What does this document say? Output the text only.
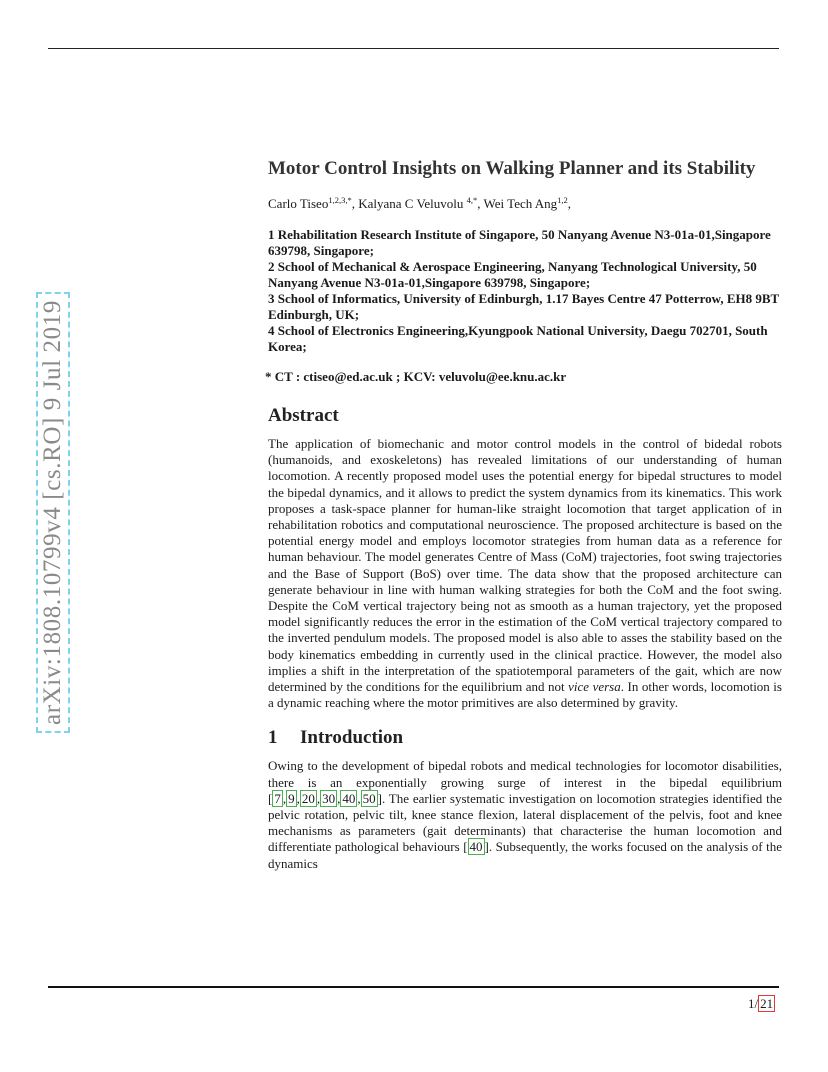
arXiv:1808.10799v4 [cs.RO] 9 Jul 2019
Motor Control Insights on Walking Planner and its Stability
Carlo Tiseo$^{1,2,3,*}$, Kalyana C Veluvolu $^{4,*}$, Wei Tech Ang$^{1,2}$,

1 Rehabilitation Research Institute of Singapore, 50 Nanyang Avenue N3-01a-01,Singapore 639798, Singapore;

2 School of Mechanical & Aerospace Engineering, Nanyang Technological University, 50 Nanyang Avenue N3-01a-01,Singapore 639798, Singapore;

3 School of Informatics, University of Edinburgh, 1.17 Bayes Centre 47 Potterrow, EH8 9BT Edinburgh, UK;

4 School of Electronics Engineering,Kyungpook National University, Daegu 702701, South Korea;

* CT : ctiseo@ed.ac.uk ; KCV: veluvolu@ee.knu.ac.kr
Abstract

The application of biomechanic and motor control models in the control of bidedal robots (humanoids, and exoskeletons) has revealed limitations of our understanding of human locomotion. A recently proposed model uses the potential energy for bipedal structures to model the bipedal dynamics, and it allows to predict the system dynamics from its kinematics. This work proposes a task-space planner for human-like straight locomotion that target application of in rehabilitation robotics and computational neuroscience. The proposed architecture is based on the potential energy model and employs locomotor strategies from human data as a reference for human behaviour. The model generates Centre of Mass (CoM) trajectories, foot swing trajectories and the Base of Support (BoS) over time. The data show that the proposed architecture can generate behaviour in line with human walking strategies for both the CoM and the foot swing. Despite the CoM vertical trajectory being not as smooth as a human trajectory, yet the proposed model significantly reduces the error in the estimation of the CoM vertical trajectory compared to the inverted pendulum models. The proposed model is also able to asses the stability based on the body kinematics embedding in currently used in the clinical practice. However, the model also implies a shift in the interpretation of the spatiotemporal parameters of the gait, which are now determined by the conditions for the equilibrium and not vice versa. In other words, locomotion is a dynamic reaching where the motor primitives are also determined by gravity.

1 Introduction

Owing to the development of bipedal robots and medical technologies for locomotor disabilities, there is an exponentially growing surge of interest in the bipedal equilibrium [ 7 , 9 , 20 , 30 , 40 , 50 ]. The earlier systematic investigation on locomotion strategies identified the pelvic rotation, pelvic tilt, knee stance flexion, lateral displacement of the pelvis, foot and knee mechanisms as parameters (gait determinants) that characterise the human locomotion and differentiate pathological behaviours [ 40 ]. Subsequently, the works focused on the analysis of the dynamics

1/ 21
